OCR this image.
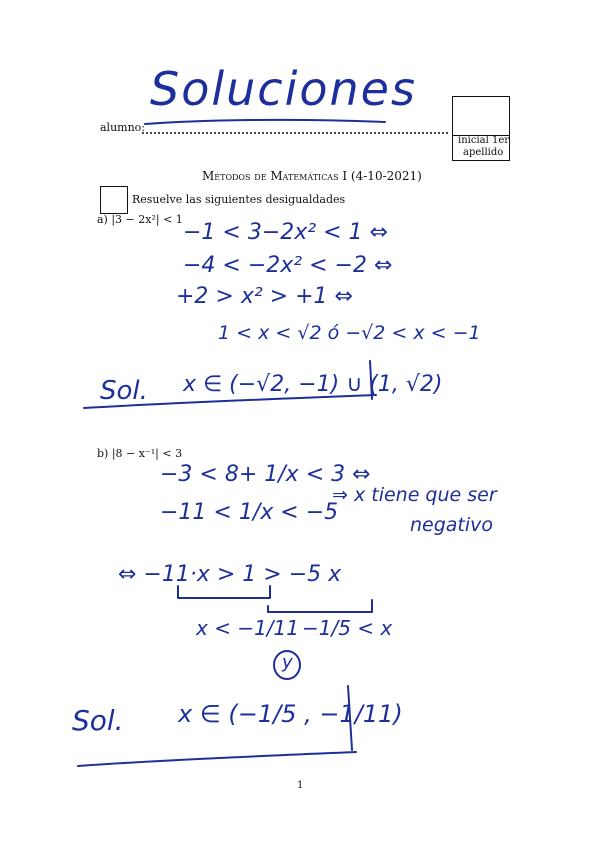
Soluciones
alumno:
inicial 1er
apellido
Métodos de Matemáticas I (4-10-2021)
Resuelve las siguientes desigualdades
a) |3 − 2x²| < 1
−1 < 3−2x² < 1 ⇔
−4 < −2x² < −2 ⇔
+2 > x² > +1 ⇔
1 < x < √2 ó −√2 < x < −1
Sol. x ∈ (−√2, −1) ∪ (1, √2)
b) |8 − x⁻¹| < 3
−3 < 8+ 1/x < 3 ⇔
−11 < 1/x < −5
⇒ x tiene que ser
negativo
⇔ −11·x > 1 > −5 x
x < −1/11 −1/5 < x
y
Sol. x ∈ (−1/5 , −1/11)
1
